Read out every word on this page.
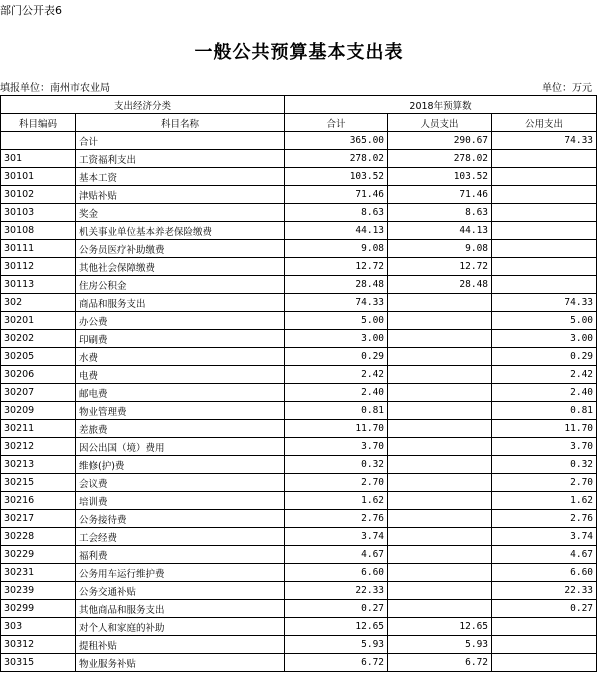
部门公开表6
一般公共预算基本支出表
填报单位：南州市农业局	单位：万元
支出经济分类		2018年预算数		
科目编码	科目名称	合计	人员支出	公用支出
	合计	365.00	290.67	74.33
301	工资福利支出	278.02	278.02	
30101	基本工资	103.52	103.52	
30102	津贴补贴	71.46	71.46	
30103	奖金	8.63	8.63	
30108	机关事业单位基本养老保险缴费	44.13	44.13	
30111	公务员医疗补助缴费	9.08	9.08	
30112	其他社会保障缴费	12.72	12.72	
30113	住房公积金	28.48	28.48	
302	商品和服务支出	74.33		74.33
30201	办公费	5.00		5.00
30202	印刷费	3.00		3.00
30205	水费	0.29		0.29
30206	电费	2.42		2.42
30207	邮电费	2.40		2.40
30209	物业管理费	0.81		0.81
30211	差旅费	11.70		11.70
30212	因公出国（境）费用	3.70		3.70
30213	维修(护)费	0.32		0.32
30215	会议费	2.70		2.70
30216	培训费	1.62		1.62
30217	公务接待费	2.76		2.76
30228	工会经费	3.74		3.74
30229	福利费	4.67		4.67
30231	公务用车运行维护费	6.60		6.60
30239	公务交通补贴	22.33		22.33
30299	其他商品和服务支出	0.27		0.27
303	对个人和家庭的补助	12.65	12.65	
30312	提租补贴	5.93	5.93	
30315	物业服务补贴	6.72	6.72	
